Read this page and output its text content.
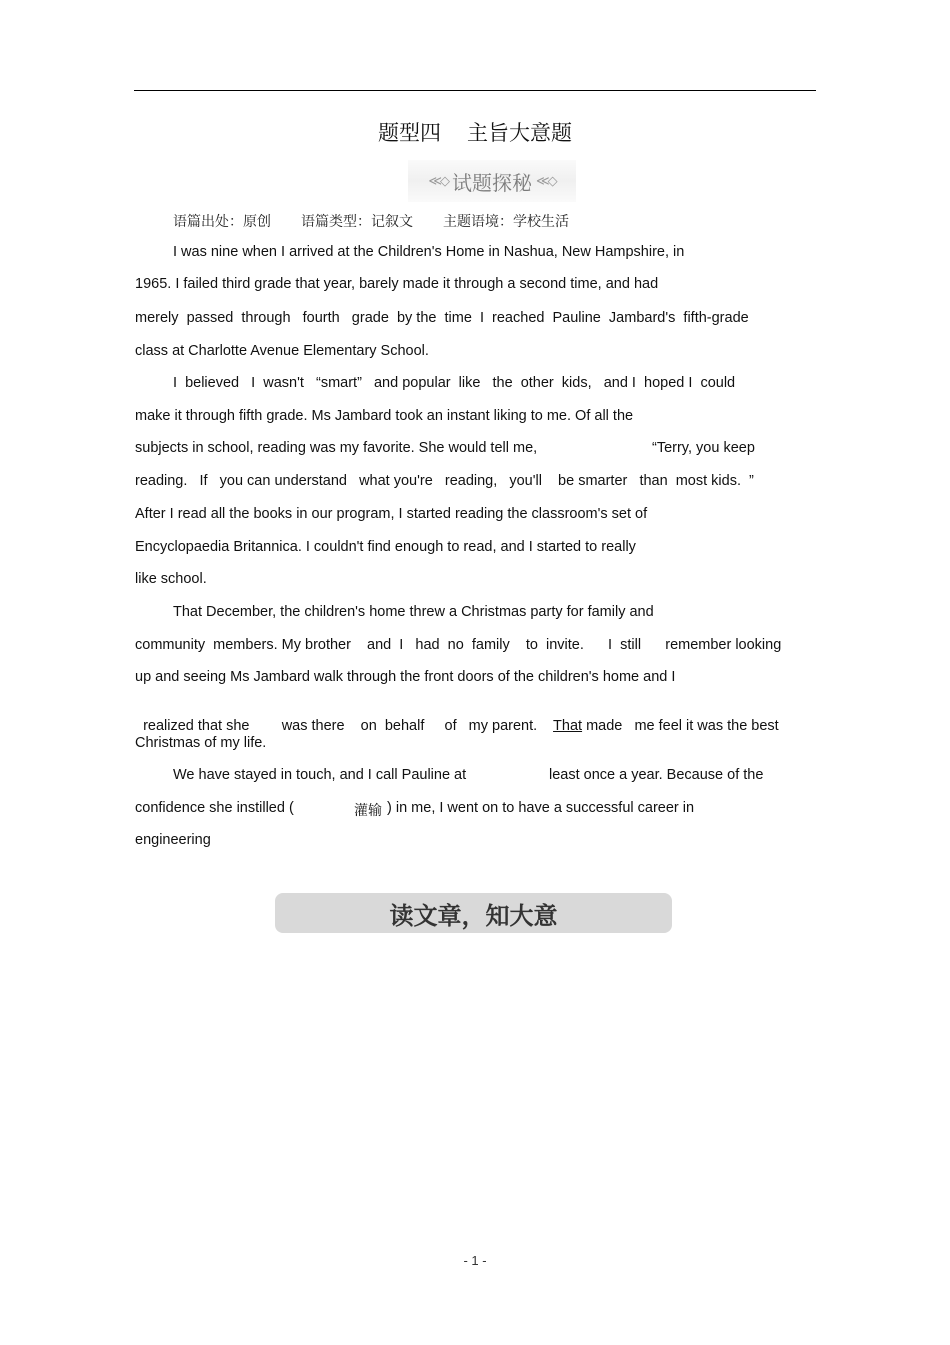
题型四 主旨大意题
≪◇ 试题探秘 ≪◇
语篇出处：原创 语篇类型：记叙文 主题语境：学校生活
I was nine when I arrived at the Children's Home in Nashua, New Hampshire, in
1965. I failed third grade that year, barely made it through a second time, and had
merely  passed  through   fourth   grade  by the  time  I  reached  Pauline  Jambard's  fifth-grade
class at Charlotte Avenue Elementary School.
I  believed   I  wasn't   “smart”   and popular  like   the  other  kids,   and I  hoped I  could
make it through fifth grade. Ms Jambard took an instant liking to me. Of all the
subjects in school, reading was my favorite. She would tell me,	“Terry, you keep
reading.   If   you can understand   what you're   reading,   you'll    be smarter   than  most kids.  ”
After I read all the books in our program, I started reading the classroom's set of
Encyclopaedia Britannica. I couldn't find enough to read, and I started to really
like school.
That December, the children's home threw a Christmas party for family and
community  members. My brother    and  I   had  no  family    to  invite.      I  still      remember looking
up and seeing Ms Jambard walk through the front doors of the children's home and I

realized that she        was there    on  behalf     of   my parent.    That made   me feel it was the best

Christmas of my life.
We have stayed in touch, and I call Pauline at	least once a year. Because of the
confidence she instilled (	灌输 ) in me, I went on to have a successful career in
engineering
读文章，知大意
- 1 -
